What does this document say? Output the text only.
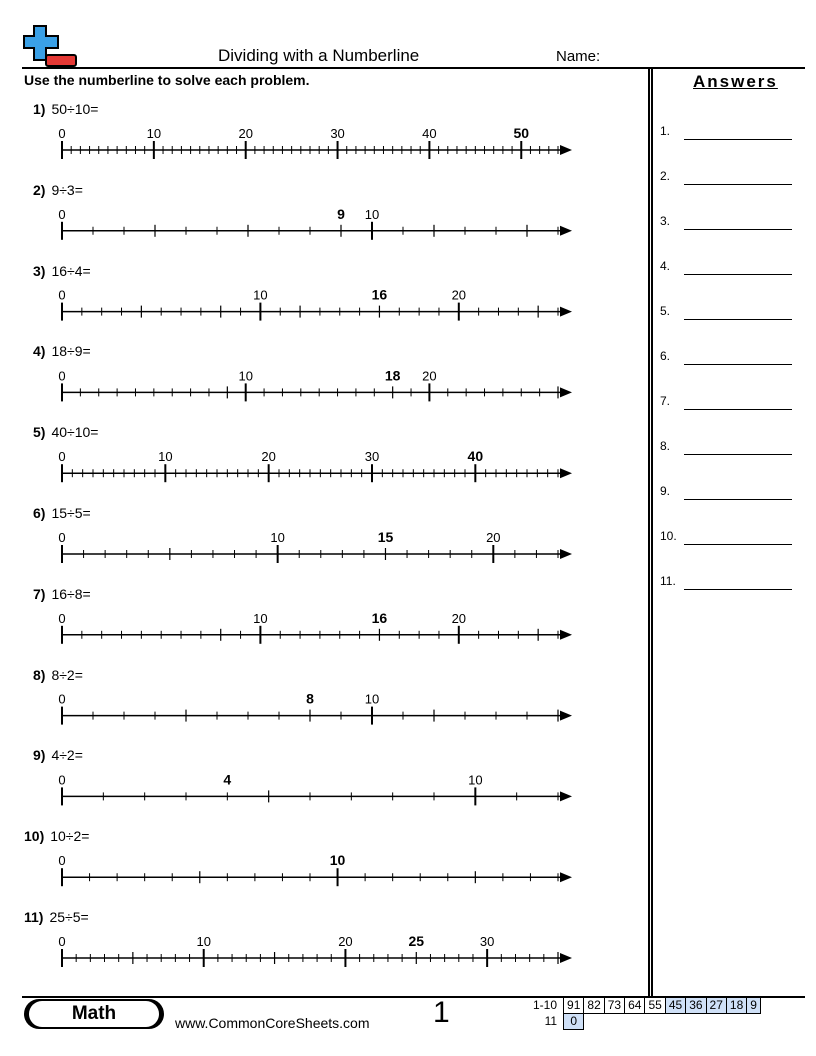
Dividing with a Numberline	Name:
Use the numberline to solve each problem.	Answers
1.
2.
3.
4.
5.
6.
7.
8.
9.
10.
11.
1) 50÷10=
2) 9÷3=
3) 16÷4=
4) 18÷9=
5) 40÷10=
6) 15÷5=
7) 16÷8=
8) 8÷2=
9) 4÷2=
10) 10÷2=
11) 25÷5=
0	10	20	30	40	50
0	10
9
0	10	20
16
0	10	20
18
0	10	20	30	40
0	10	20
15
0	10	20
16
0	10
8
0	10
4
0	10
0	10	20	30
25
Math	www.CommonCoreSheets.com 1	1-10	91	82	73	64	55	45	36	27	18	9
11	0									
